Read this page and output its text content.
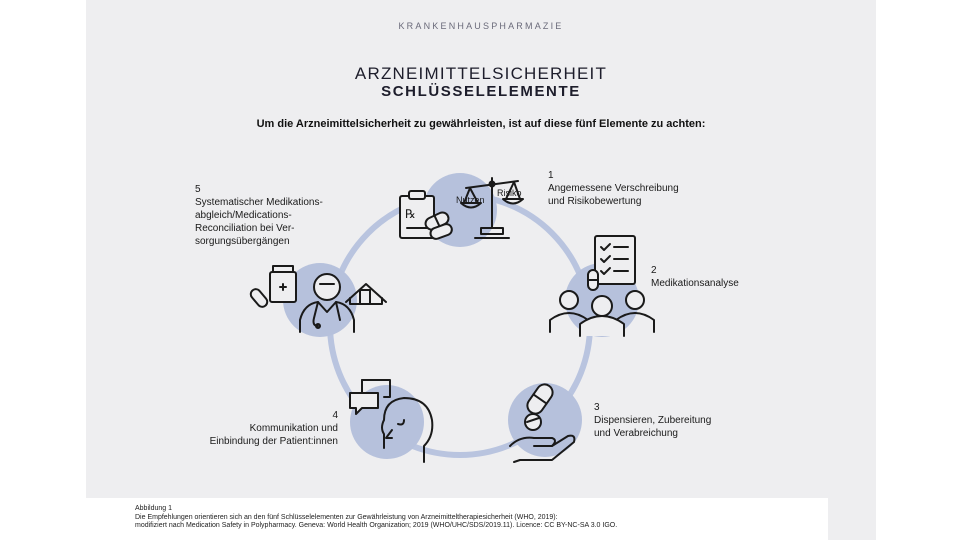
KRANKENHAUSPHARMAZIE
ARZNEIMITTELSICHERHEIT
SCHLÜSSELELEMENTE
Um die Arzneimittelsicherheit zu gewährleisten, ist auf diese fünf Elemente zu achten:
℞
Nutzen
Risiko
1
Angemessene Verschreibung
und Risikobewertung
2
Medikationsanalyse
3
Dispensieren, Zubereitung
und Verabreichung
4
Kommunikation und
Einbindung der Patient:innen
5
Systematischer Medikations-
abgleich/Medications-
Reconciliation bei Ver-
sorgungsübergängen
Abbildung 1
Die Empfehlungen orientieren sich an den fünf Schlüsselelementen zur Gewährleistung von Arzneimitteltherapiesicherheit (WHO, 2019):
modifiziert nach Medication Safety in Polypharmacy. Geneva: World Health Organization; 2019 (WHO/UHC/SDS/2019.11). Licence: CC BY-NC-SA 3.0 IGO.
